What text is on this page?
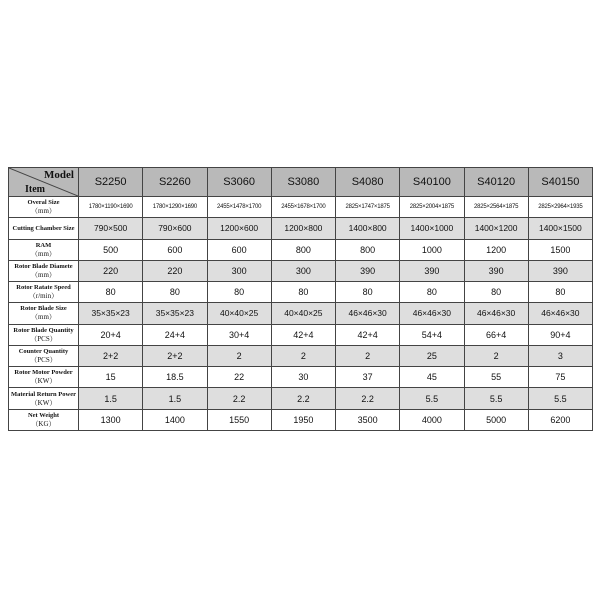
Model
Item	S2250	S2260	S3060	S3080	S4080	S40100	S40120	S40150
Overal Size
（mm）	1780×1190×1690	1780×1290×1690	2455×1478×1700	2455×1678×1700	2825×1747×1875	2825×2004×1875	2825×2564×1875	2825×2964×1935
Cutting Chamber Size	790×500	790×600	1200×600	1200×800	1400×800	1400×1000	1400×1200	1400×1500
RAM
（mm）	500	600	600	800	800	1000	1200	1500
Rotor Blade Diamete
（mm）	220	220	300	300	390	390	390	390
Rotor Ratate Speed
（r/min）	80	80	80	80	80	80	80	80
Rotor Blade Size
（mm）	35×35×23	35×35×23	40×40×25	40×40×25	46×46×30	46×46×30	46×46×30	46×46×30
Rotor Blade Quantity
（PCS）	20+4	24+4	30+4	42+4	42+4	54+4	66+4	90+4
Counter Quantity
（PCS）	2+2	2+2	2	2	2	25	2	3
Rotor Motor Powder
（KW）	15	18.5	22	30	37	45	55	75
Material Return Power
（KW）	1.5	1.5	2.2	2.2	2.2	5.5	5.5	5.5
Net Weight
（KG）	1300	1400	1550	1950	3500	4000	5000	6200
